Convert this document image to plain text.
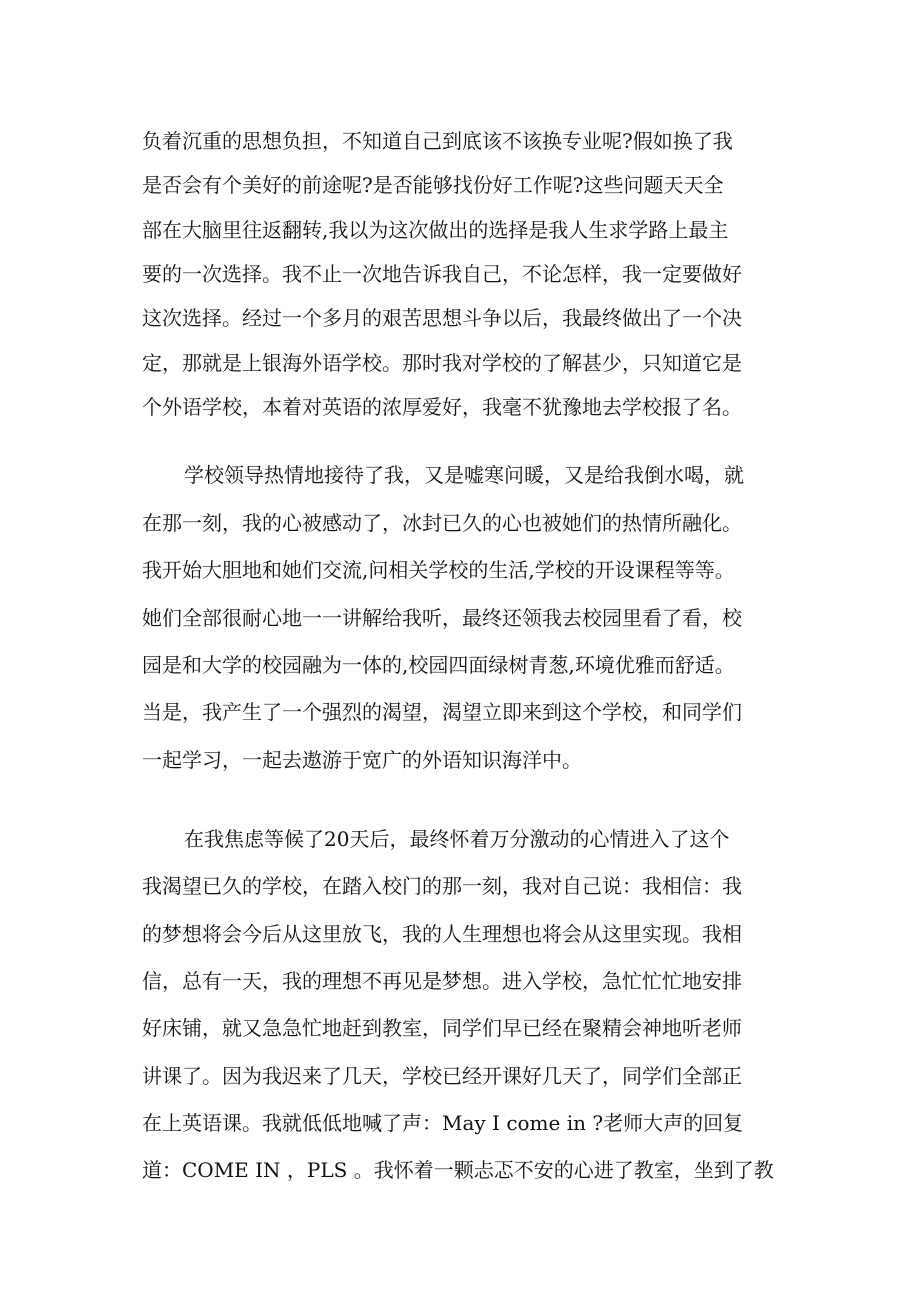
负着沉重的思想负担，不知道自己到底该不该换专业呢?假如换了我
是否会有个美好的前途呢?是否能够找份好工作呢?这些问题天天全
部在大脑里往返翻转,我以为这次做出的选择是我人生求学路上最主
要的一次选择。我不止一次地告诉我自己，不论怎样，我一定要做好
这次选择。经过一个多月的艰苦思想斗争以后，我最终做出了一个决
定，那就是上银海外语学校。那时我对学校的了解甚少，只知道它是
个外语学校，本着对英语的浓厚爱好，我毫不犹豫地去学校报了名。
学校领导热情地接待了我，又是嘘寒问暖，又是给我倒水喝，就
在那一刻，我的心被感动了，冰封已久的心也被她们的热情所融化。
我开始大胆地和她们交流,问相关学校的生活,学校的开设课程等等。
她们全部很耐心地一一讲解给我听，最终还领我去校园里看了看，校
园是和大学的校园融为一体的,校园四面绿树青葱,环境优雅而舒适。
当是，我产生了一个强烈的渴望，渴望立即来到这个学校，和同学们
一起学习，一起去遨游于宽广的外语知识海洋中。
在我焦虑等候了20天后，最终怀着万分激动的心情进入了这个
我渴望已久的学校，在踏入校门的那一刻，我对自己说：我相信：我
的梦想将会今后从这里放飞，我的人生理想也将会从这里实现。我相
信，总有一天，我的理想不再见是梦想。进入学校，急忙忙忙地安排
好床铺，就又急急忙地赶到教室，同学们早已经在聚精会神地听老师
讲课了。因为我迟来了几天，学校已经开课好几天了，同学们全部正
在上英语课。我就低低地喊了声：May I come in ?老师大声的回复
道：COME IN ，PLS 。我怀着一颗忐忑不安的心进了教室，坐到了教
